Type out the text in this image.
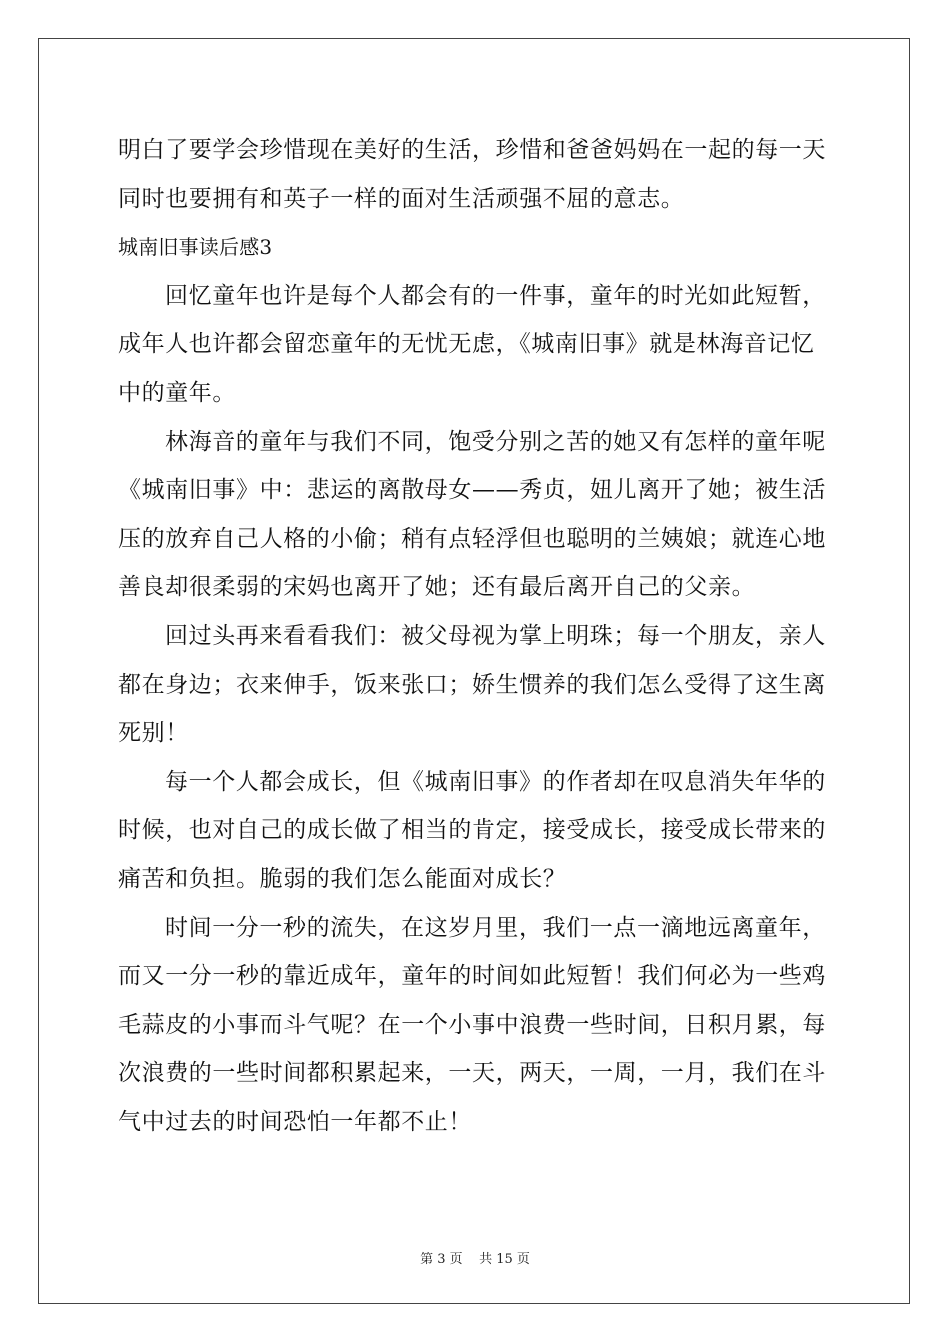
明白了要学会珍惜现在美好的生活，珍惜和爸爸妈妈在一起的每一天
同时也要拥有和英子一样的面对生活顽强不屈的意志。
城南旧事读后感3
回忆童年也许是每个人都会有的一件事，童年的时光如此短暂，
成年人也许都会留恋童年的无忧无虑，《城南旧事》就是林海音记忆
中的童年。
林海音的童年与我们不同，饱受分别之苦的她又有怎样的童年呢
《城南旧事》中：悲运的离散母女——秀贞，妞儿离开了她；被生活
压的放弃自己人格的小偷；稍有点轻浮但也聪明的兰姨娘；就连心地
善良却很柔弱的宋妈也离开了她；还有最后离开自己的父亲。
回过头再来看看我们：被父母视为掌上明珠；每一个朋友，亲人
都在身边；衣来伸手，饭来张口；娇生惯养的我们怎么受得了这生离
死别！
每一个人都会成长，但《城南旧事》的作者却在叹息消失年华的
时候，也对自己的成长做了相当的肯定，接受成长，接受成长带来的
痛苦和负担。脆弱的我们怎么能面对成长？
时间一分一秒的流失，在这岁月里，我们一点一滴地远离童年，
而又一分一秒的靠近成年，童年的时间如此短暂！我们何必为一些鸡
毛蒜皮的小事而斗气呢？在一个小事中浪费一些时间，日积月累，每
次浪费的一些时间都积累起来，一天，两天，一周，一月，我们在斗
气中过去的时间恐怕一年都不止！
第 3 页    共 15 页
